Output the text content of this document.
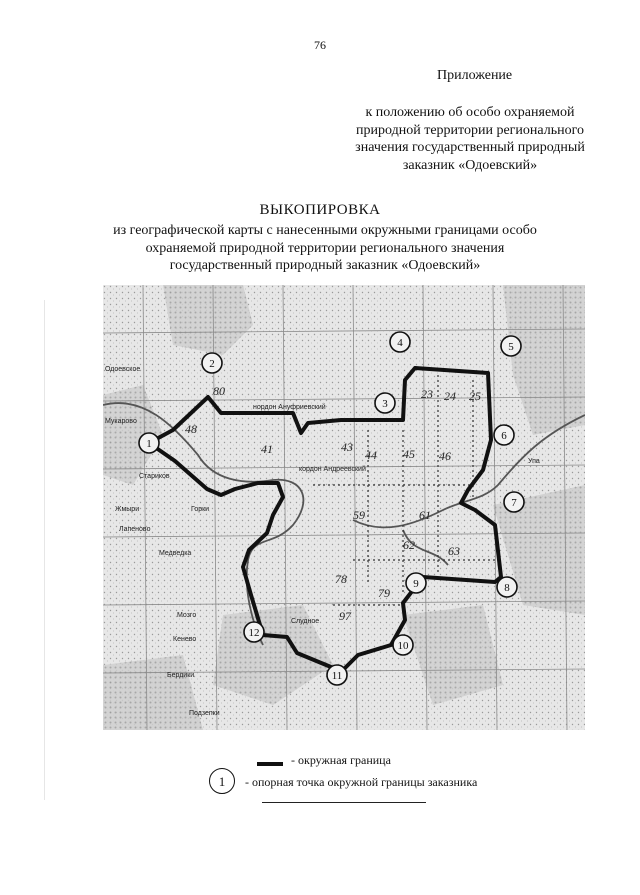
76
Приложение
к положению об особо охраняемой
природной территории регионального
значения государственный природный
заказник «Одоевский»
ВЫКОПИРОВКА
из географической карты с нанесенными окружными границами особо
охраняемой природной территории регионального значения
государственный природный заказник «Одоевский»
1
2
3
4	5
6
7
8
9
10
11
12
23 24 25
41	43
44 45 46
59	61
62	63
78
79
97
48
80
Одоевское
Мукарово
Стариков
Горки
Жмыри
Лапеново
Медведка
Мозго
Кенево
Бердики
Подзепки
Слудное
нордон Ануфриевский
кордон Андреевский
Упа
- окружная граница
1	- опорная точка окружной границы заказника
